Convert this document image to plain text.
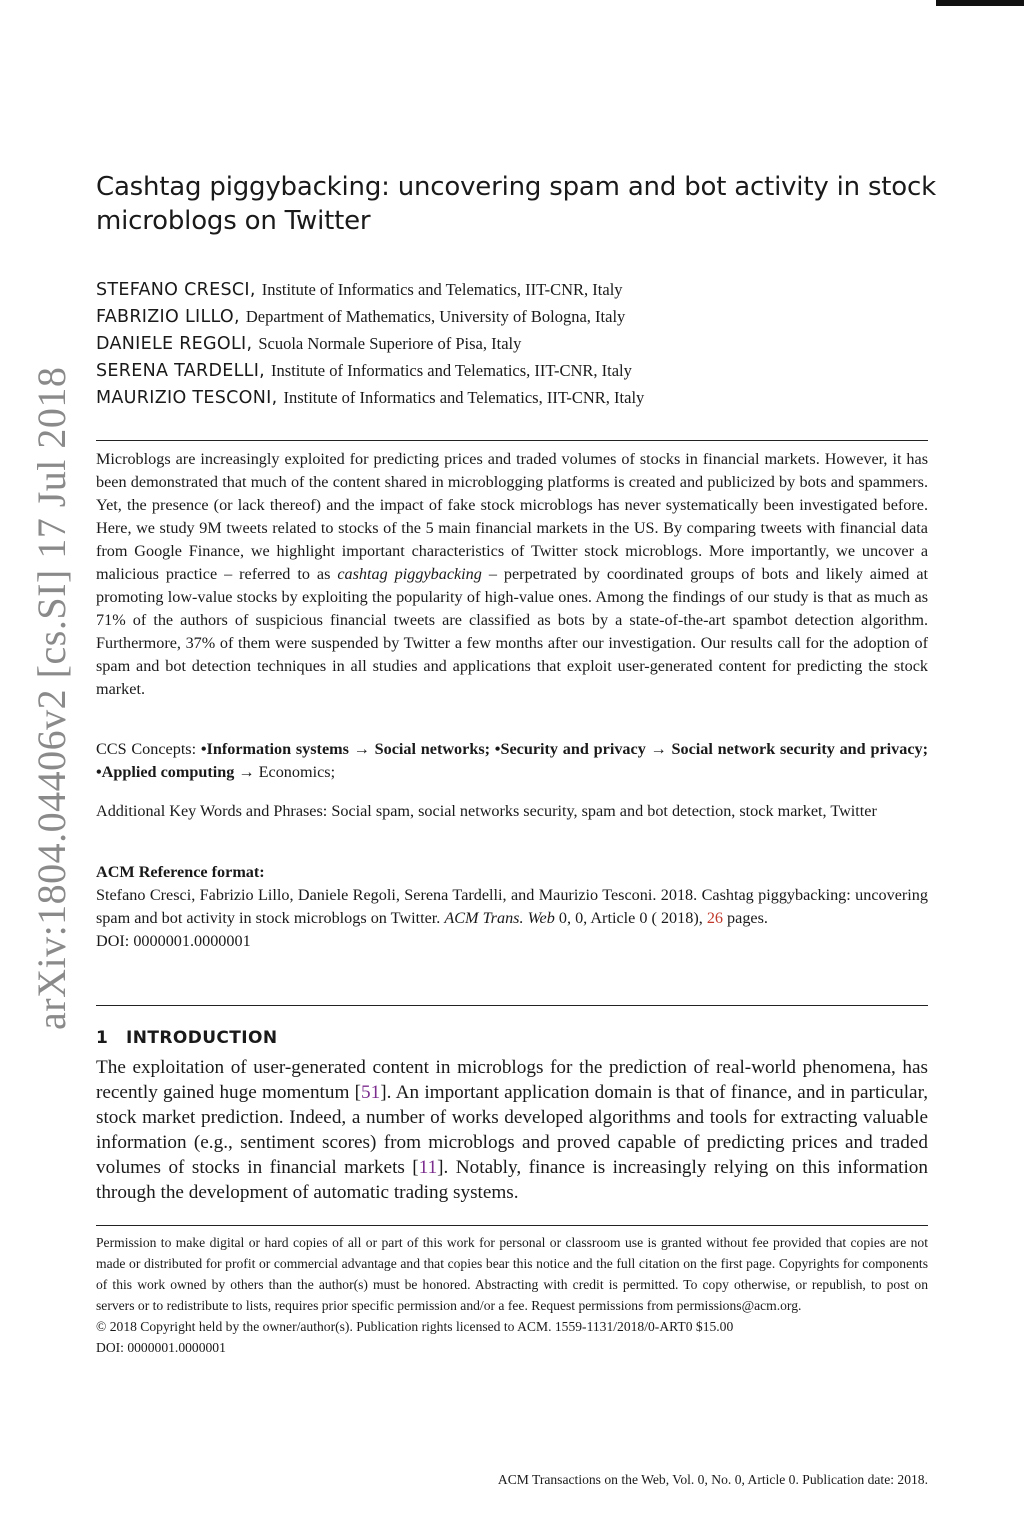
arXiv:1804.04406v2 [cs.SI] 17 Jul 2018
Cashtag piggybacking: uncovering spam and bot activity in stock microblogs on Twitter
STEFANO CRESCI, Institute of Informatics and Telematics, IIT-CNR, Italy
FABRIZIO LILLO, Department of Mathematics, University of Bologna, Italy
DANIELE REGOLI, Scuola Normale Superiore of Pisa, Italy
SERENA TARDELLI, Institute of Informatics and Telematics, IIT-CNR, Italy
MAURIZIO TESCONI, Institute of Informatics and Telematics, IIT-CNR, Italy
Microblogs are increasingly exploited for predicting prices and traded volumes of stocks in financial markets. However, it has been demonstrated that much of the content shared in microblogging platforms is created and publicized by bots and spammers. Yet, the presence (or lack thereof) and the impact of fake stock microblogs has never systematically been investigated before. Here, we study 9M tweets related to stocks of the 5 main financial markets in the US. By comparing tweets with financial data from Google Finance, we highlight important characteristics of Twitter stock microblogs. More importantly, we uncover a malicious practice – referred to as cashtag piggybacking – perpetrated by coordinated groups of bots and likely aimed at promoting low-value stocks by exploiting the popularity of high-value ones. Among the findings of our study is that as much as 71% of the authors of suspicious financial tweets are classified as bots by a state-of-the-art spambot detection algorithm. Furthermore, 37% of them were suspended by Twitter a few months after our investigation. Our results call for the adoption of spam and bot detection techniques in all studies and applications that exploit user-generated content for predicting the stock market.
CCS Concepts: •Information systems → Social networks; •Security and privacy → Social network security and privacy; •Applied computing → Economics;
Additional Key Words and Phrases: Social spam, social networks security, spam and bot detection, stock market, Twitter
ACM Reference format:
Stefano Cresci, Fabrizio Lillo, Daniele Regoli, Serena Tardelli, and Maurizio Tesconi. 2018. Cashtag piggybacking: uncovering spam and bot activity in stock microblogs on Twitter. ACM Trans. Web 0, 0, Article 0 ( 2018), 26 pages.
DOI: 0000001.0000001
1 INTRODUCTION
The exploitation of user-generated content in microblogs for the prediction of real-world phenomena, has recently gained huge momentum [51]. An important application domain is that of finance, and in particular, stock market prediction. Indeed, a number of works developed algorithms and tools for extracting valuable information (e.g., sentiment scores) from microblogs and proved capable of predicting prices and traded volumes of stocks in financial markets [11]. Notably, finance is increasingly relying on this information through the development of automatic trading systems.

Permission to make digital or hard copies of all or part of this work for personal or classroom use is granted without fee provided that copies are not made or distributed for profit or commercial advantage and that copies bear this notice and the full citation on the first page. Copyrights for components of this work owned by others than the author(s) must be honored. Abstracting with credit is permitted. To copy otherwise, or republish, to post on servers or to redistribute to lists, requires prior specific permission and/or a fee. Request permissions from permissions@acm.org.

© 2018 Copyright held by the owner/author(s). Publication rights licensed to ACM. 1559-1131/2018/0-ART0 $15.00

DOI: 0000001.0000001

ACM Transactions on the Web, Vol. 0, No. 0, Article 0. Publication date: 2018.
